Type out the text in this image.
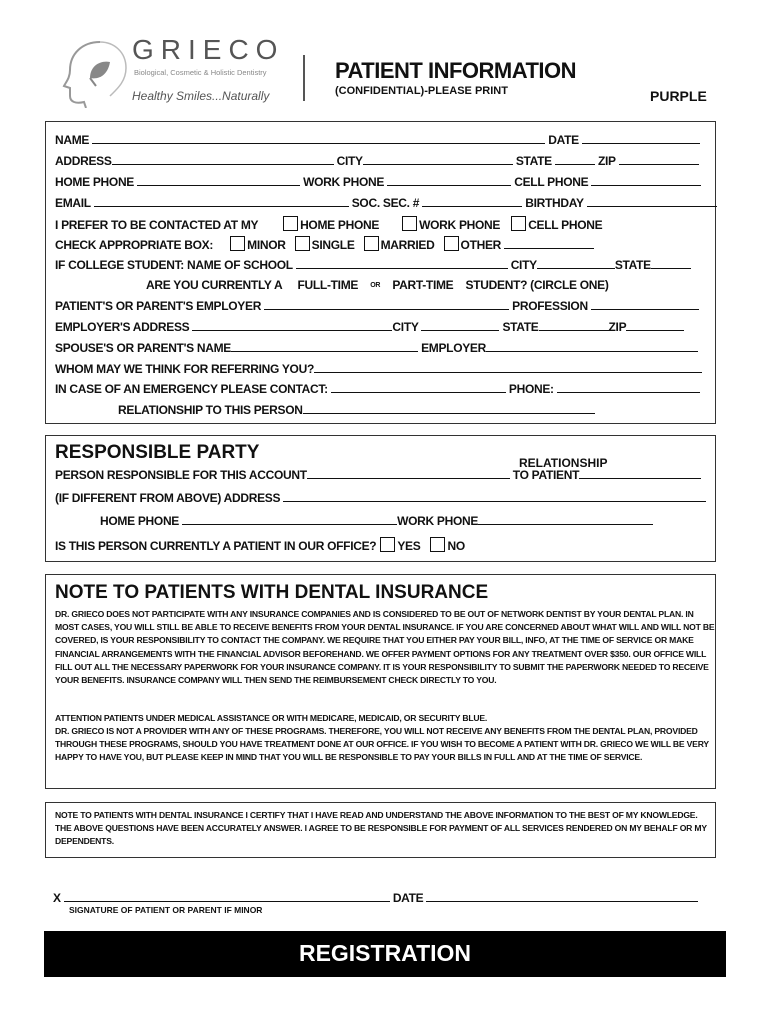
GRIECO
Biological, Cosmetic & Holistic Dentistry
Healthy Smiles...Naturally
PATIENT INFORMATION
(CONFIDENTIAL)-PLEASE PRINT	PURPLE
NAME	DATE
ADDRESS	CITY	STATE	ZIP
HOME PHONE	WORK PHONE	CELL PHONE
EMAIL	SOC. SEC. #	BIRTHDAY
I PREFER TO BE CONTACTED AT MY	HOME PHONE	WORK PHONE CELL PHONE
CHECK APPROPRIATE BOX:	MINOR SINGLE MARRIED OTHER
IF COLLEGE STUDENT: NAME OF SCHOOL	CITY	STATE
ARE YOU CURRENTLY A FULL-TIME OR PART-TIME STUDENT? (CIRCLE ONE)
PATIENT'S OR PARENT'S EMPLOYER	PROFESSION
EMPLOYER'S ADDRESS	CITY	STATE	ZIP
SPOUSE'S OR PARENT'S NAME	EMPLOYER
WHOM MAY WE THINK FOR REFERRING YOU?
IN CASE OF AN EMERGENCY PLEASE CONTACT:	PHONE:
RELATIONSHIP TO THIS PERSON
RESPONSIBLE PARTY	RELATIONSHIP
PERSON RESPONSIBLE FOR THIS ACCOUNT	TO PATIENT
(IF DIFFERENT FROM ABOVE) ADDRESS
HOME PHONE	WORK PHONE
IS THIS PERSON CURRENTLY A PATIENT IN OUR OFFICE? YES NO
NOTE TO PATIENTS WITH DENTAL INSURANCE
DR. GRIECO DOES NOT PARTICIPATE WITH ANY INSURANCE COMPANIES AND IS CONSIDERED TO BE OUT OF NETWORK DENTIST BY YOUR DENTAL PLAN. IN MOST CASES, YOU WILL STILL BE ABLE TO RECEIVE BENEFITS FROM YOUR DENTAL INSURANCE. IF YOU ARE CONCERNED ABOUT WHAT WILL AND WILL NOT BE COVERED, IS YOUR RESPONSIBILITY TO CONTACT THE COMPANY. WE REQUIRE THAT YOU EITHER PAY YOUR BILL, INFO, AT THE TIME OF SERVICE OR MAKE FINANCIAL ARRANGEMENTS WITH THE FINANCIAL ADVISOR BEFOREHAND. WE OFFER PAYMENT OPTIONS FOR ANY TREATMENT OVER $350. OUR OFFICE WILL FILL OUT ALL THE NECESSARY PAPERWORK FOR YOUR INSURANCE COMPANY. IT IS YOUR RESPONSIBILITY TO SUBMIT THE PAPERWORK NEEDED TO RECEIVE YOUR BENEFITS. INSURANCE COMPANY WILL THEN SEND THE REIMBURSEMENT CHECK DIRECTLY TO YOU.
ATTENTION PATIENTS UNDER MEDICAL ASSISTANCE OR WITH MEDICARE, MEDICAID, OR SECURITY BLUE.
DR. GRIECO IS NOT A PROVIDER WITH ANY OF THESE PROGRAMS. THEREFORE, YOU WILL NOT RECEIVE ANY BENEFITS FROM THE DENTAL PLAN, PROVIDED THROUGH THESE PROGRAMS, SHOULD YOU HAVE TREATMENT DONE AT OUR OFFICE. IF YOU WISH TO BECOME A PATIENT WITH DR. GRIECO WE WILL BE VERY HAPPY TO HAVE YOU, BUT PLEASE KEEP IN MIND THAT YOU WILL BE RESPONSIBLE TO PAY YOUR BILLS IN FULL AND AT THE TIME OF SERVICE.
NOTE TO PATIENTS WITH DENTAL INSURANCE I CERTIFY THAT I HAVE READ AND UNDERSTAND THE ABOVE INFORMATION TO THE BEST OF MY KNOWLEDGE. THE ABOVE QUESTIONS HAVE BEEN ACCURATELY ANSWER. I AGREE TO BE RESPONSIBLE FOR PAYMENT OF ALL SERVICES RENDERED ON MY BEHALF OR MY DEPENDENTS.
X	DATE
SIGNATURE OF PATIENT OR PARENT IF MINOR
REGISTRATION
